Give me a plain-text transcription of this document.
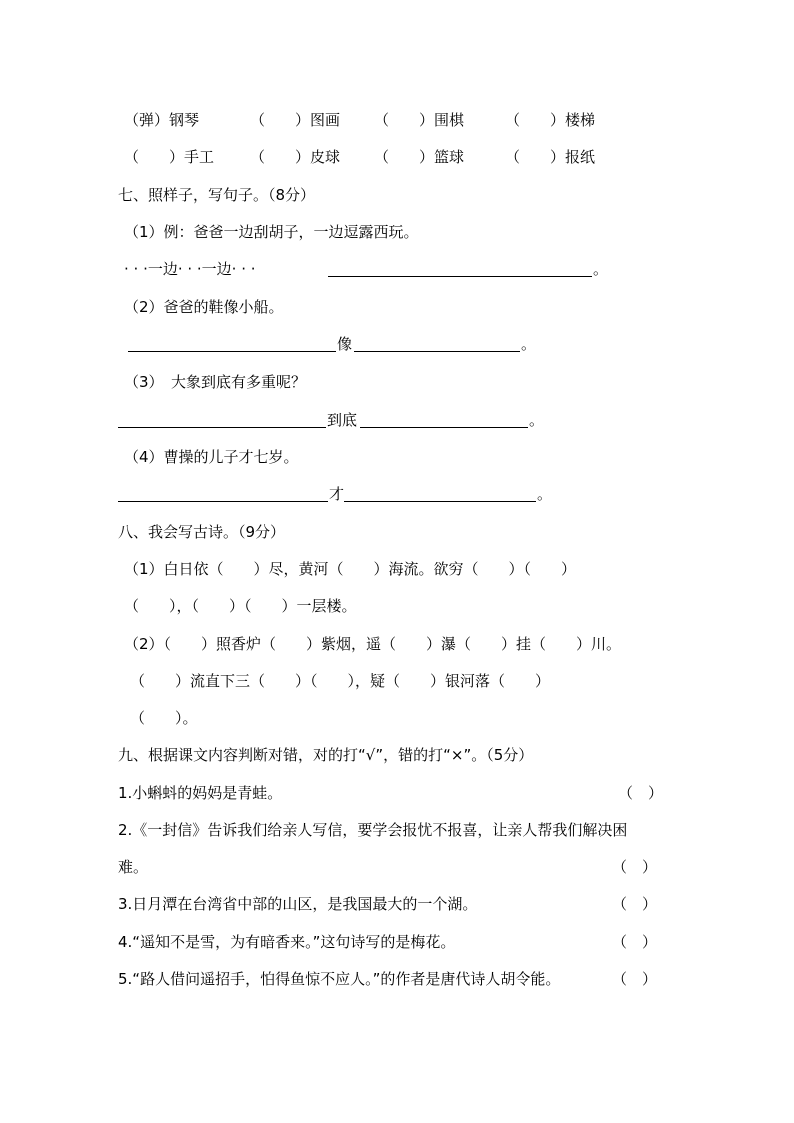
（弹）钢琴	（　　）图画 （　　）围棋	（　　）楼梯
（　　）手工 （　　）皮球 （　　）篮球	（　　）报纸
七、照样子，写句子。（8分）
（1）例：爸爸一边刮胡子，一边逗露西玩。
· · ·一边· · ·一边· · ·	。
（2）爸爸的鞋像小船。
像	。
（3）　大象到底有多重呢？
到底	。
（4）曹操的儿子才七岁。
才	。
八、我会写古诗。（9分）
（1）白日依（　　）尽，黄河（　　）海流。欲穷（　　）（　　）
（　　），（　　）（　　）一层楼。
（2）（　　）照香炉（　　）紫烟，遥（　　）瀑（　　）挂（　　）川。
（　　）流直下三（　　）（　　），疑（　　）银河落（　　）
（　　）。
九、根据课文内容判断对错，对的打“√”，错的打“×”。（5分）
1.小蝌蚪的妈妈是青蛙。	（　）
2.《一封信》告诉我们给亲人写信，要学会报忧不报喜，让亲人帮我们解决困
难。	（　）
3.日月潭在台湾省中部的山区，是我国最大的一个湖。	（　）
4.“遥知不是雪，为有暗香来。”这句诗写的是梅花。	（　）
5.“路人借问遥招手，怕得鱼惊不应人。”的作者是唐代诗人胡令能。	（　）
